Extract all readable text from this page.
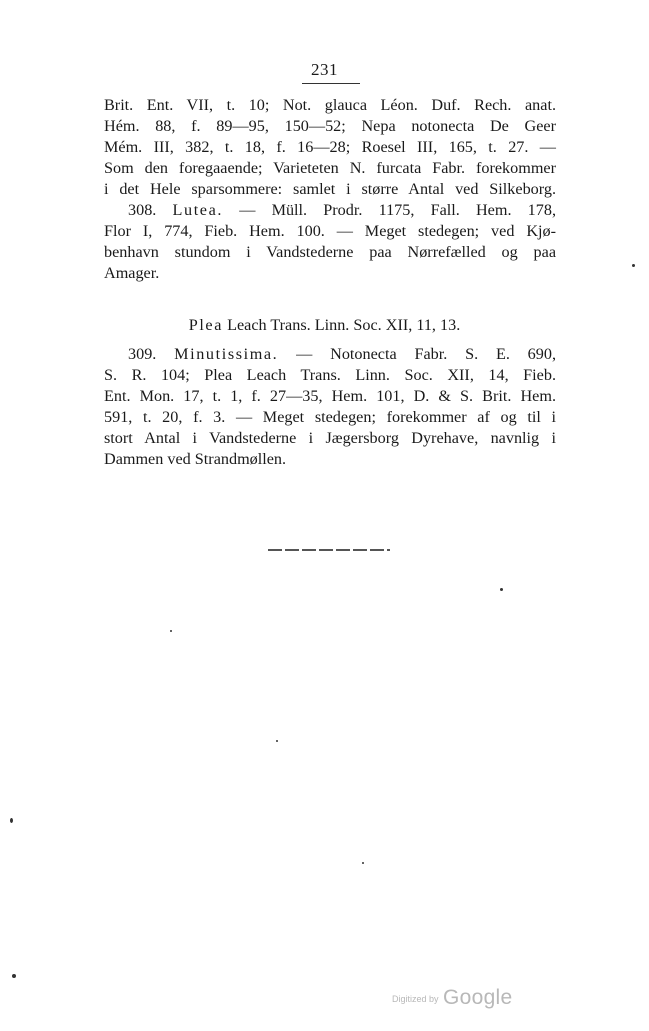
231
Brit. Ent. VII, t. 10; Not. glauca Léon. Duf. Rech. anat.
Hém. 88, f. 89—95, 150—52; Nepa notonecta De Geer
Mém. III, 382, t. 18, f. 16—28; Roesel III, 165, t. 27. —
Som den foregaaende; Varieteten N. furcata Fabr. forekommer
i det Hele sparsommere: samlet i større Antal ved Silkeborg.
308. Lutea. — Müll. Prodr. 1175, Fall. Hem. 178,
Flor I, 774, Fieb. Hem. 100. — Meget stedegen; ved Kjø-
benhavn stundom i Vandstederne paa Nørrefælled og paa
Amager.
Plea Leach Trans. Linn. Soc. XII, 11, 13.
309. Minutissima. — Notonecta Fabr. S. E. 690,
S. R. 104; Plea Leach Trans. Linn. Soc. XII, 14, Fieb.
Ent. Mon. 17, t. 1, f. 27—35, Hem. 101, D. & S. Brit. Hem.
591, t. 20, f. 3. — Meget stedegen; forekommer af og til i
stort Antal i Vandstederne i Jægersborg Dyrehave, navnlig i
Dammen ved Strandmøllen.
Digitized by Google
